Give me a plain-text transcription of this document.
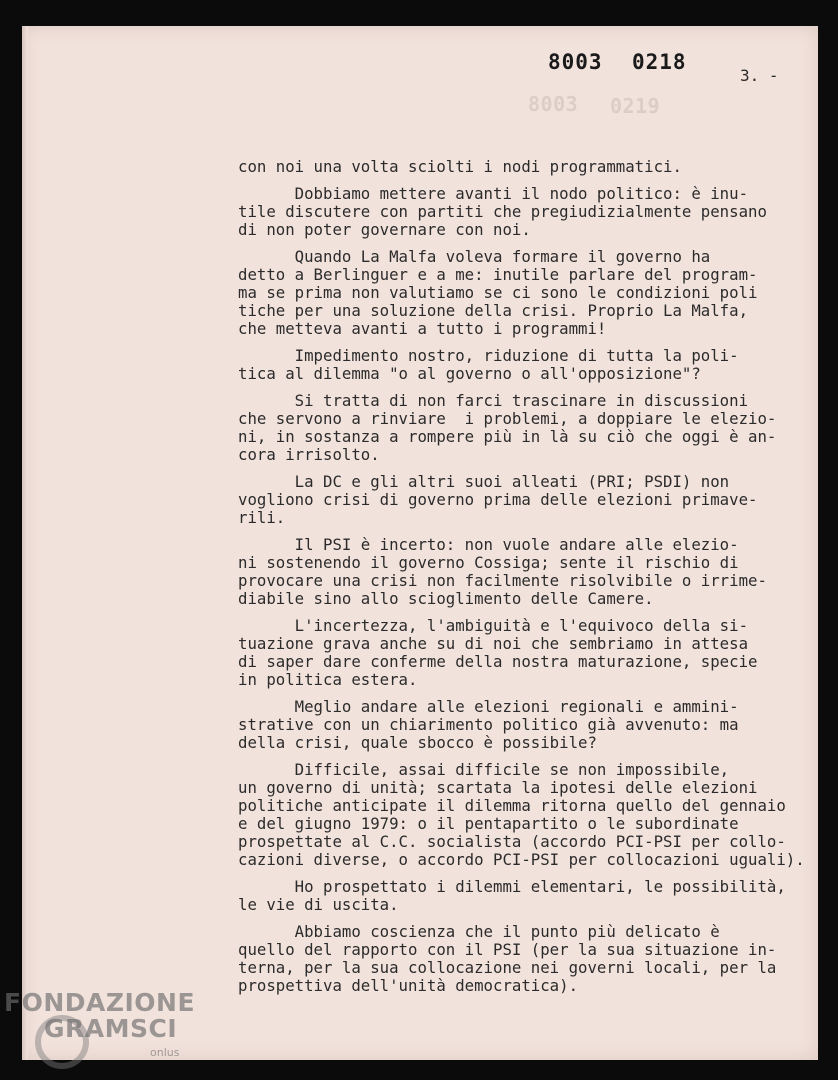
8003 0219
8003 0218
3. -
con noi una volta sciolti i nodi programmatici.
Dobbiamo mettere avanti il nodo politico: è inu-
tile discutere con partiti che pregiudizialmente pensano
di non poter governare con noi.
Quando La Malfa voleva formare il governo ha
detto a Berlinguer e a me: inutile parlare del program-
ma se prima non valutiamo se ci sono le condizioni poli
tiche per una soluzione della crisi. Proprio La Malfa,
che metteva avanti a tutto i programmi!
Impedimento nostro, riduzione di tutta la poli-
tica al dilemma "o al governo o all'opposizione"?
Si tratta di non farci trascinare in discussioni
che servono a rinviare  i problemi, a doppiare le elezio-
ni, in sostanza a rompere più in là su ciò che oggi è an-
cora irrisolto.
La DC e gli altri suoi alleati (PRI; PSDI) non
vogliono crisi di governo prima delle elezioni primave-
rili.
Il PSI è incerto: non vuole andare alle elezio-
ni sostenendo il governo Cossiga; sente il rischio di
provocare una crisi non facilmente risolvibile o irrime-
diabile sino allo scioglimento delle Camere.
L'incertezza, l'ambiguità e l'equivoco della si-
tuazione grava anche su di noi che sembriamo in attesa
di saper dare conferme della nostra maturazione, specie
in politica estera.
Meglio andare alle elezioni regionali e ammini-
strative con un chiarimento politico già avvenuto: ma
della crisi, quale sbocco è possibile?
Difficile, assai difficile se non impossibile,
un governo di unità; scartata la ipotesi delle elezioni
politiche anticipate il dilemma ritorna quello del gennaio
e del giugno 1979: o il pentapartito o le subordinate
prospettate al C.C. socialista (accordo PCI-PSI per collo-
cazioni diverse, o accordo PCI-PSI per collocazioni uguali).
Ho prospettato i dilemmi elementari, le possibilità,
le vie di uscita.
Abbiamo coscienza che il punto più delicato è
quello del rapporto con il PSI (per la sua situazione in-
terna, per la sua collocazione nei governi locali, per la
prospettiva dell'unità democratica).
FONDAZIONE
GRAMSCI
onlus
